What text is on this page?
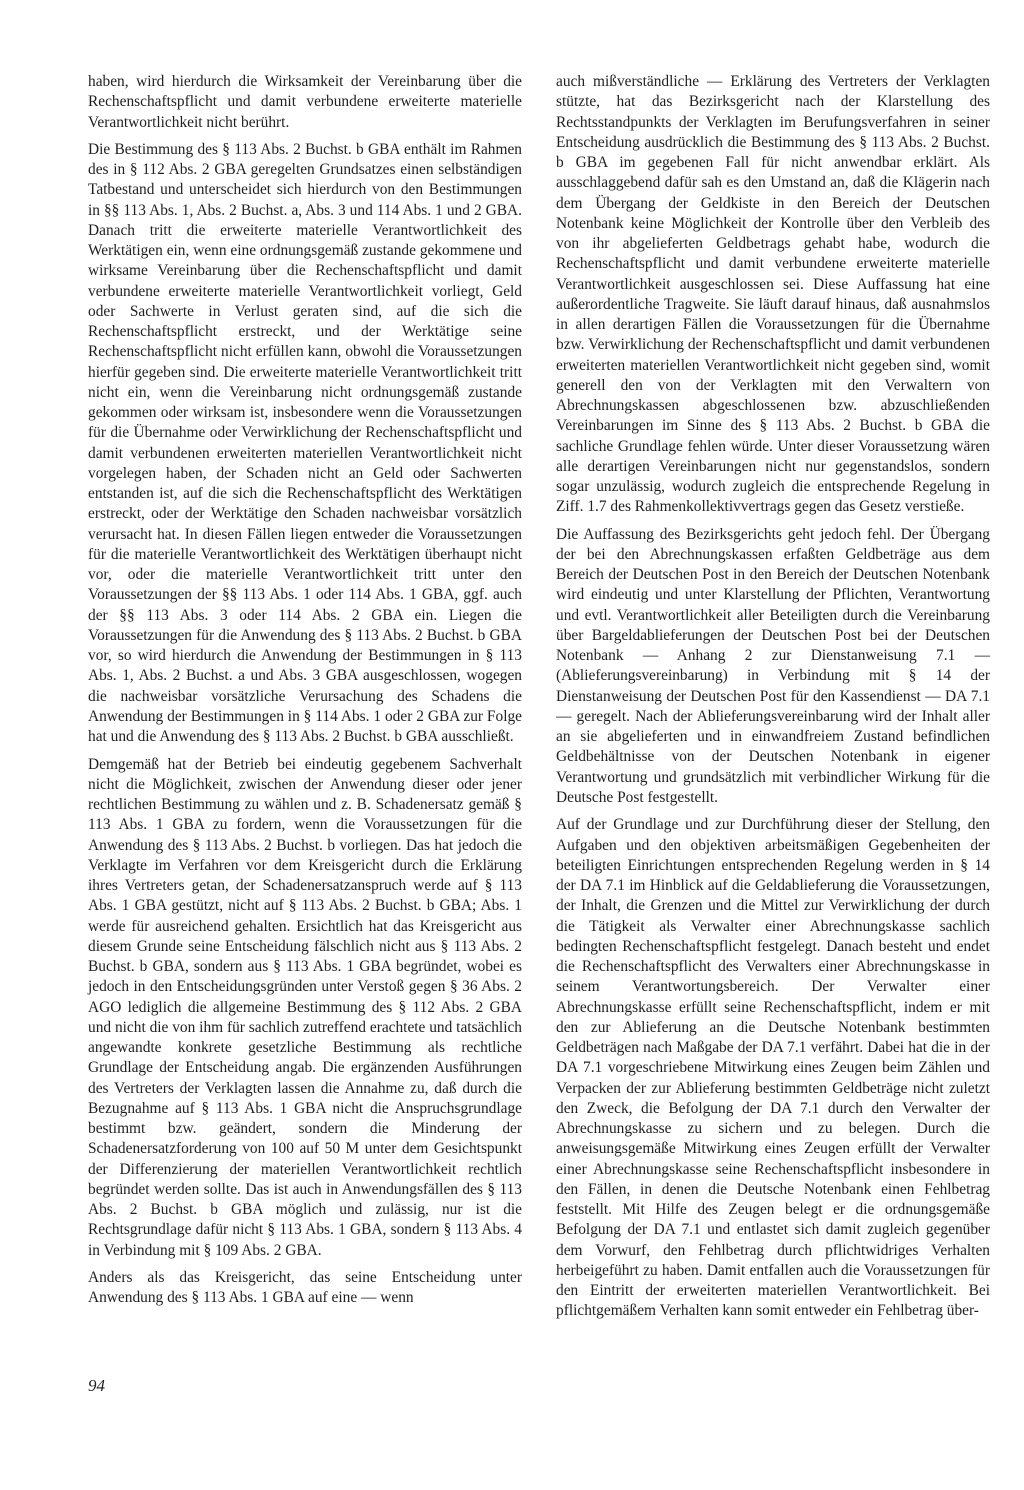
haben, wird hierdurch die Wirksamkeit der Vereinbarung über die Rechenschaftspflicht und damit verbundene erweiterte materielle Verantwortlichkeit nicht berührt.

Die Bestimmung des § 113 Abs. 2 Buchst. b GBA enthält im Rahmen des in § 112 Abs. 2 GBA geregelten Grundsatzes einen selbständigen Tatbestand und unterscheidet sich hierdurch von den Bestimmungen in §§ 113 Abs. 1, Abs. 2 Buchst. a, Abs. 3 und 114 Abs. 1 und 2 GBA. Danach tritt die erweiterte materielle Verantwortlichkeit des Werktätigen ein, wenn eine ordnungsgemäß zustande gekommene und wirksame Vereinbarung über die Rechenschaftspflicht und damit verbundene erweiterte materielle Verantwortlichkeit vorliegt, Geld oder Sachwerte in Verlust geraten sind, auf die sich die Rechenschaftspflicht erstreckt, und der Werktätige seine Rechenschaftspflicht nicht erfüllen kann, obwohl die Voraussetzungen hierfür gegeben sind. Die erweiterte materielle Verantwortlichkeit tritt nicht ein, wenn die Vereinbarung nicht ordnungsgemäß zustande gekommen oder wirksam ist, insbesondere wenn die Voraussetzungen für die Übernahme oder Verwirklichung der Rechenschaftspflicht und damit verbundenen erweiterten materiellen Verantwortlichkeit nicht vorgelegen haben, der Schaden nicht an Geld oder Sachwerten entstanden ist, auf die sich die Rechenschaftspflicht des Werktätigen erstreckt, oder der Werktätige den Schaden nachweisbar vorsätzlich verursacht hat. In diesen Fällen liegen entweder die Voraussetzungen für die materielle Verantwortlichkeit des Werktätigen überhaupt nicht vor, oder die materielle Verantwortlichkeit tritt unter den Voraussetzungen der §§ 113 Abs. 1 oder 114 Abs. 1 GBA, ggf. auch der §§ 113 Abs. 3 oder 114 Abs. 2 GBA ein. Liegen die Voraussetzungen für die Anwendung des § 113 Abs. 2 Buchst. b GBA vor, so wird hierdurch die Anwendung der Bestimmungen in § 113 Abs. 1, Abs. 2 Buchst. a und Abs. 3 GBA ausgeschlossen, wogegen die nachweisbar vorsätzliche Verursachung des Schadens die Anwendung der Bestimmungen in § 114 Abs. 1 oder 2 GBA zur Folge hat und die Anwendung des § 113 Abs. 2 Buchst. b GBA ausschließt.

Demgemäß hat der Betrieb bei eindeutig gegebenem Sachverhalt nicht die Möglichkeit, zwischen der Anwendung dieser oder jener rechtlichen Bestimmung zu wählen und z. B. Schadenersatz gemäß § 113 Abs. 1 GBA zu fordern, wenn die Voraussetzungen für die Anwendung des § 113 Abs. 2 Buchst. b vorliegen. Das hat jedoch die Verklagte im Verfahren vor dem Kreisgericht durch die Erklärung ihres Vertreters getan, der Schadenersatzanspruch werde auf § 113 Abs. 1 GBA gestützt, nicht auf § 113 Abs. 2 Buchst. b GBA; Abs. 1 werde für ausreichend gehalten. Ersichtlich hat das Kreisgericht aus diesem Grunde seine Entscheidung fälschlich nicht aus § 113 Abs. 2 Buchst. b GBA, sondern aus § 113 Abs. 1 GBA begründet, wobei es jedoch in den Entscheidungsgründen unter Verstoß gegen § 36 Abs. 2 AGO lediglich die allgemeine Bestimmung des § 112 Abs. 2 GBA und nicht die von ihm für sachlich zutreffend erachtete und tatsächlich angewandte konkrete gesetzliche Bestimmung als rechtliche Grundlage der Entscheidung angab. Die ergänzenden Ausführungen des Vertreters der Verklagten lassen die Annahme zu, daß durch die Bezugnahme auf § 113 Abs. 1 GBA nicht die Anspruchsgrundlage bestimmt bzw. geändert, sondern die Minderung der Schadenersatzforderung von 100 auf 50 M unter dem Gesichtspunkt der Differenzierung der materiellen Verantwortlichkeit rechtlich begründet werden sollte. Das ist auch in Anwendungsfällen des § 113 Abs. 2 Buchst. b GBA möglich und zulässig, nur ist die Rechtsgrundlage dafür nicht § 113 Abs. 1 GBA, sondern § 113 Abs. 4 in Verbindung mit § 109 Abs. 2 GBA.

Anders als das Kreisgericht, das seine Entscheidung unter Anwendung des § 113 Abs. 1 GBA auf eine — wenn

auch mißverständliche — Erklärung des Vertreters der Verklagten stützte, hat das Bezirksgericht nach der Klarstellung des Rechtsstandpunkts der Verklagten im Berufungsverfahren in seiner Entscheidung ausdrücklich die Bestimmung des § 113 Abs. 2 Buchst. b GBA im gegebenen Fall für nicht anwendbar erklärt. Als ausschlaggebend dafür sah es den Umstand an, daß die Klägerin nach dem Übergang der Geldkiste in den Bereich der Deutschen Notenbank keine Möglichkeit der Kontrolle über den Verbleib des von ihr abgelieferten Geldbetrags gehabt habe, wodurch die Rechenschaftspflicht und damit verbundene erweiterte materielle Verantwortlichkeit ausgeschlossen sei. Diese Auffassung hat eine außerordentliche Tragweite. Sie läuft darauf hinaus, daß ausnahmslos in allen derartigen Fällen die Voraussetzungen für die Übernahme bzw. Verwirklichung der Rechenschaftspflicht und damit verbundenen erweiterten materiellen Verantwortlichkeit nicht gegeben sind, womit generell den von der Verklagten mit den Verwaltern von Abrechnungskassen abgeschlossenen bzw. abzuschließenden Vereinbarungen im Sinne des § 113 Abs. 2 Buchst. b GBA die sachliche Grundlage fehlen würde. Unter dieser Voraussetzung wären alle derartigen Vereinbarungen nicht nur gegenstandslos, sondern sogar unzulässig, wodurch zugleich die entsprechende Regelung in Ziff. 1.7 des Rahmenkollektivvertrags gegen das Gesetz verstieße.

Die Auffassung des Bezirksgerichts geht jedoch fehl. Der Übergang der bei den Abrechnungskassen erfaßten Geldbeträge aus dem Bereich der Deutschen Post in den Bereich der Deutschen Notenbank wird eindeutig und unter Klarstellung der Pflichten, Verantwortung und evtl. Verantwortlichkeit aller Beteiligten durch die Vereinbarung über Bargeldablieferungen der Deutschen Post bei der Deutschen Notenbank — Anhang 2 zur Dienstanweisung 7.1 — (Ablieferungsvereinbarung) in Verbindung mit § 14 der Dienstanweisung der Deutschen Post für den Kassendienst — DA 7.1 — geregelt. Nach der Ablieferungsvereinbarung wird der Inhalt aller an sie abgelieferten und in einwandfreiem Zustand befindlichen Geldbehältnisse von der Deutschen Notenbank in eigener Verantwortung und grundsätzlich mit verbindlicher Wirkung für die Deutsche Post festgestellt.

Auf der Grundlage und zur Durchführung dieser der Stellung, den Aufgaben und den objektiven arbeitsmäßigen Gegebenheiten der beteiligten Einrichtungen entsprechenden Regelung werden in § 14 der DA 7.1 im Hinblick auf die Geldablieferung die Voraussetzungen, der Inhalt, die Grenzen und die Mittel zur Verwirklichung der durch die Tätigkeit als Verwalter einer Abrechnungskasse sachlich bedingten Rechenschaftspflicht festgelegt. Danach besteht und endet die Rechenschaftspflicht des Verwalters einer Abrechnungskasse in seinem Verantwortungsbereich. Der Verwalter einer Abrechnungskasse erfüllt seine Rechenschaftspflicht, indem er mit den zur Ablieferung an die Deutsche Notenbank bestimmten Geldbeträgen nach Maßgabe der DA 7.1 verfährt. Dabei hat die in der DA 7.1 vorgeschriebene Mitwirkung eines Zeugen beim Zählen und Verpacken der zur Ablieferung bestimmten Geldbeträge nicht zuletzt den Zweck, die Befolgung der DA 7.1 durch den Verwalter der Abrechnungskasse zu sichern und zu belegen. Durch die anweisungsgemäße Mitwirkung eines Zeugen erfüllt der Verwalter einer Abrechnungskasse seine Rechenschaftspflicht insbesondere in den Fällen, in denen die Deutsche Notenbank einen Fehlbetrag feststellt. Mit Hilfe des Zeugen belegt er die ordnungsgemäße Befolgung der DA 7.1 und entlastet sich damit zugleich gegenüber dem Vorwurf, den Fehlbetrag durch pflichtwidriges Verhalten herbeigeführt zu haben. Damit entfallen auch die Voraussetzungen für den Eintritt der erweiterten materiellen Verantwortlichkeit. Bei pflichtgemäßem Verhalten kann somit entweder ein Fehlbetrag über-

94
